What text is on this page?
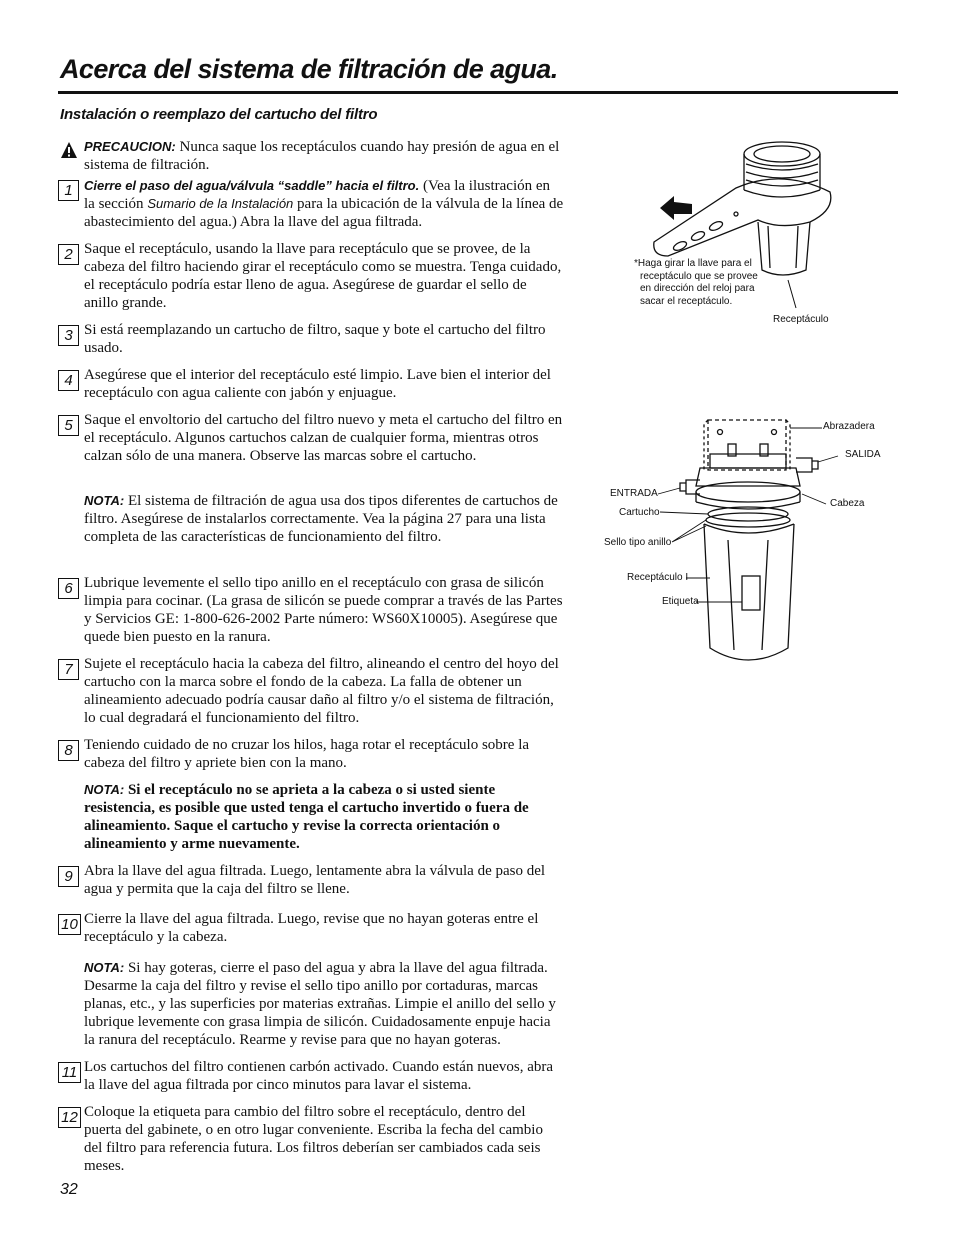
Acerca del sistema de filtración de agua.
Instalación o reemplazo del cartucho del filtro
PRECAUCION: Nunca saque los receptáculos cuando hay presión de agua en el sistema de filtración.
1 Cierre el paso del agua/válvula “saddle” hacia el filtro. (Vea la ilustración en la sección Sumario de la Instalación para la ubicación de la válvula de la línea de abastecimiento del agua.) Abra la llave del agua filtrada.
2 Saque el receptáculo, usando la llave para receptáculo que se provee, de la cabeza del filtro haciendo girar el receptáculo como se muestra. Tenga cuidado, el receptáculo podría estar lleno de agua. Asegúrese de guardar el sello de anillo grande.
3 Si está reemplazando un cartucho de filtro, saque y bote el cartucho del filtro usado.
4 Asegúrese que el interior del receptáculo esté limpio. Lave bien el interior del receptáculo con agua caliente con jabón y enjuague.
5 Saque el envoltorio del cartucho del filtro nuevo y meta el cartucho del filtro en el receptáculo. Algunos cartuchos calzan de cualquier forma, mientras otros calzan sólo de una manera. Observe las marcas sobre el cartucho.
NOTA: El sistema de filtración de agua usa dos tipos diferentes de cartuchos de filtro. Asegúrese de instalarlos correctamente. Vea la página 27 para una lista completa de las características de funcionamiento del filtro.
6 Lubrique levemente el sello tipo anillo en el receptáculo con grasa de silicón limpia para cocinar. (La grasa de silicón se puede comprar a través de las Partes y Servicios GE: 1-800-626-2002 Parte número: WS60X10005). Asegúrese que quede bien puesto en la ranura.
7 Sujete el receptáculo hacia la cabeza del filtro, alineando el centro del hoyo del cartucho con la marca sobre el fondo de la cabeza. La falla de obtener un alineamiento adecuado podría causar daño al filtro y/o el sistema de filtración, lo cual degradará el funcionamiento del filtro.
8 Teniendo cuidado de no cruzar los hilos, haga rotar el receptáculo sobre la cabeza del filtro y apriete bien con la mano.
NOTA: Si el receptáculo no se aprieta a la cabeza o si usted siente resistencia, es posible que usted tenga el cartucho invertido o fuera de alineamiento. Saque el cartucho y revise la correcta orientación o alineamiento y arme nuevamente.
9 Abra la llave del agua filtrada. Luego, lentamente abra la válvula de paso del agua y permita que la caja del filtro se llene.
10 Cierre la llave del agua filtrada. Luego, revise que no hayan goteras entre el receptáculo y la cabeza.
NOTA: Si hay goteras, cierre el paso del agua y abra la llave del agua filtrada. Desarme la caja del filtro y revise el sello tipo anillo por cortaduras, marcas planas, etc., y las superficies por materias extrañas. Limpie el anillo del sello y lubrique levemente con grasa limpia de silicón. Cuidadosamente enpuje hacia la ranura del receptáculo. Rearme y revise para que no hayan goteras.
11 Los cartuchos del filtro contienen carbón activado. Cuando están nuevos, abra la llave del agua filtrada por cinco minutos para lavar el sistema.
12 Coloque la etiqueta para cambio del filtro sobre el receptáculo, dentro del puerta del gabinete, o en otro lugar conveniente. Escriba la fecha del cambio del filtro para referencia futura. Los filtros deberían ser cambiados cada seis meses.
32
*Haga girar la llave para el
receptáculo que se provee
en dirección del reloj para
sacar el receptáculo.
Receptáculo
Abrazadera
SALIDA
ENTRADA
Cabeza
Cartucho
Sello tipo anillo
Receptáculo I
Etiqueta
